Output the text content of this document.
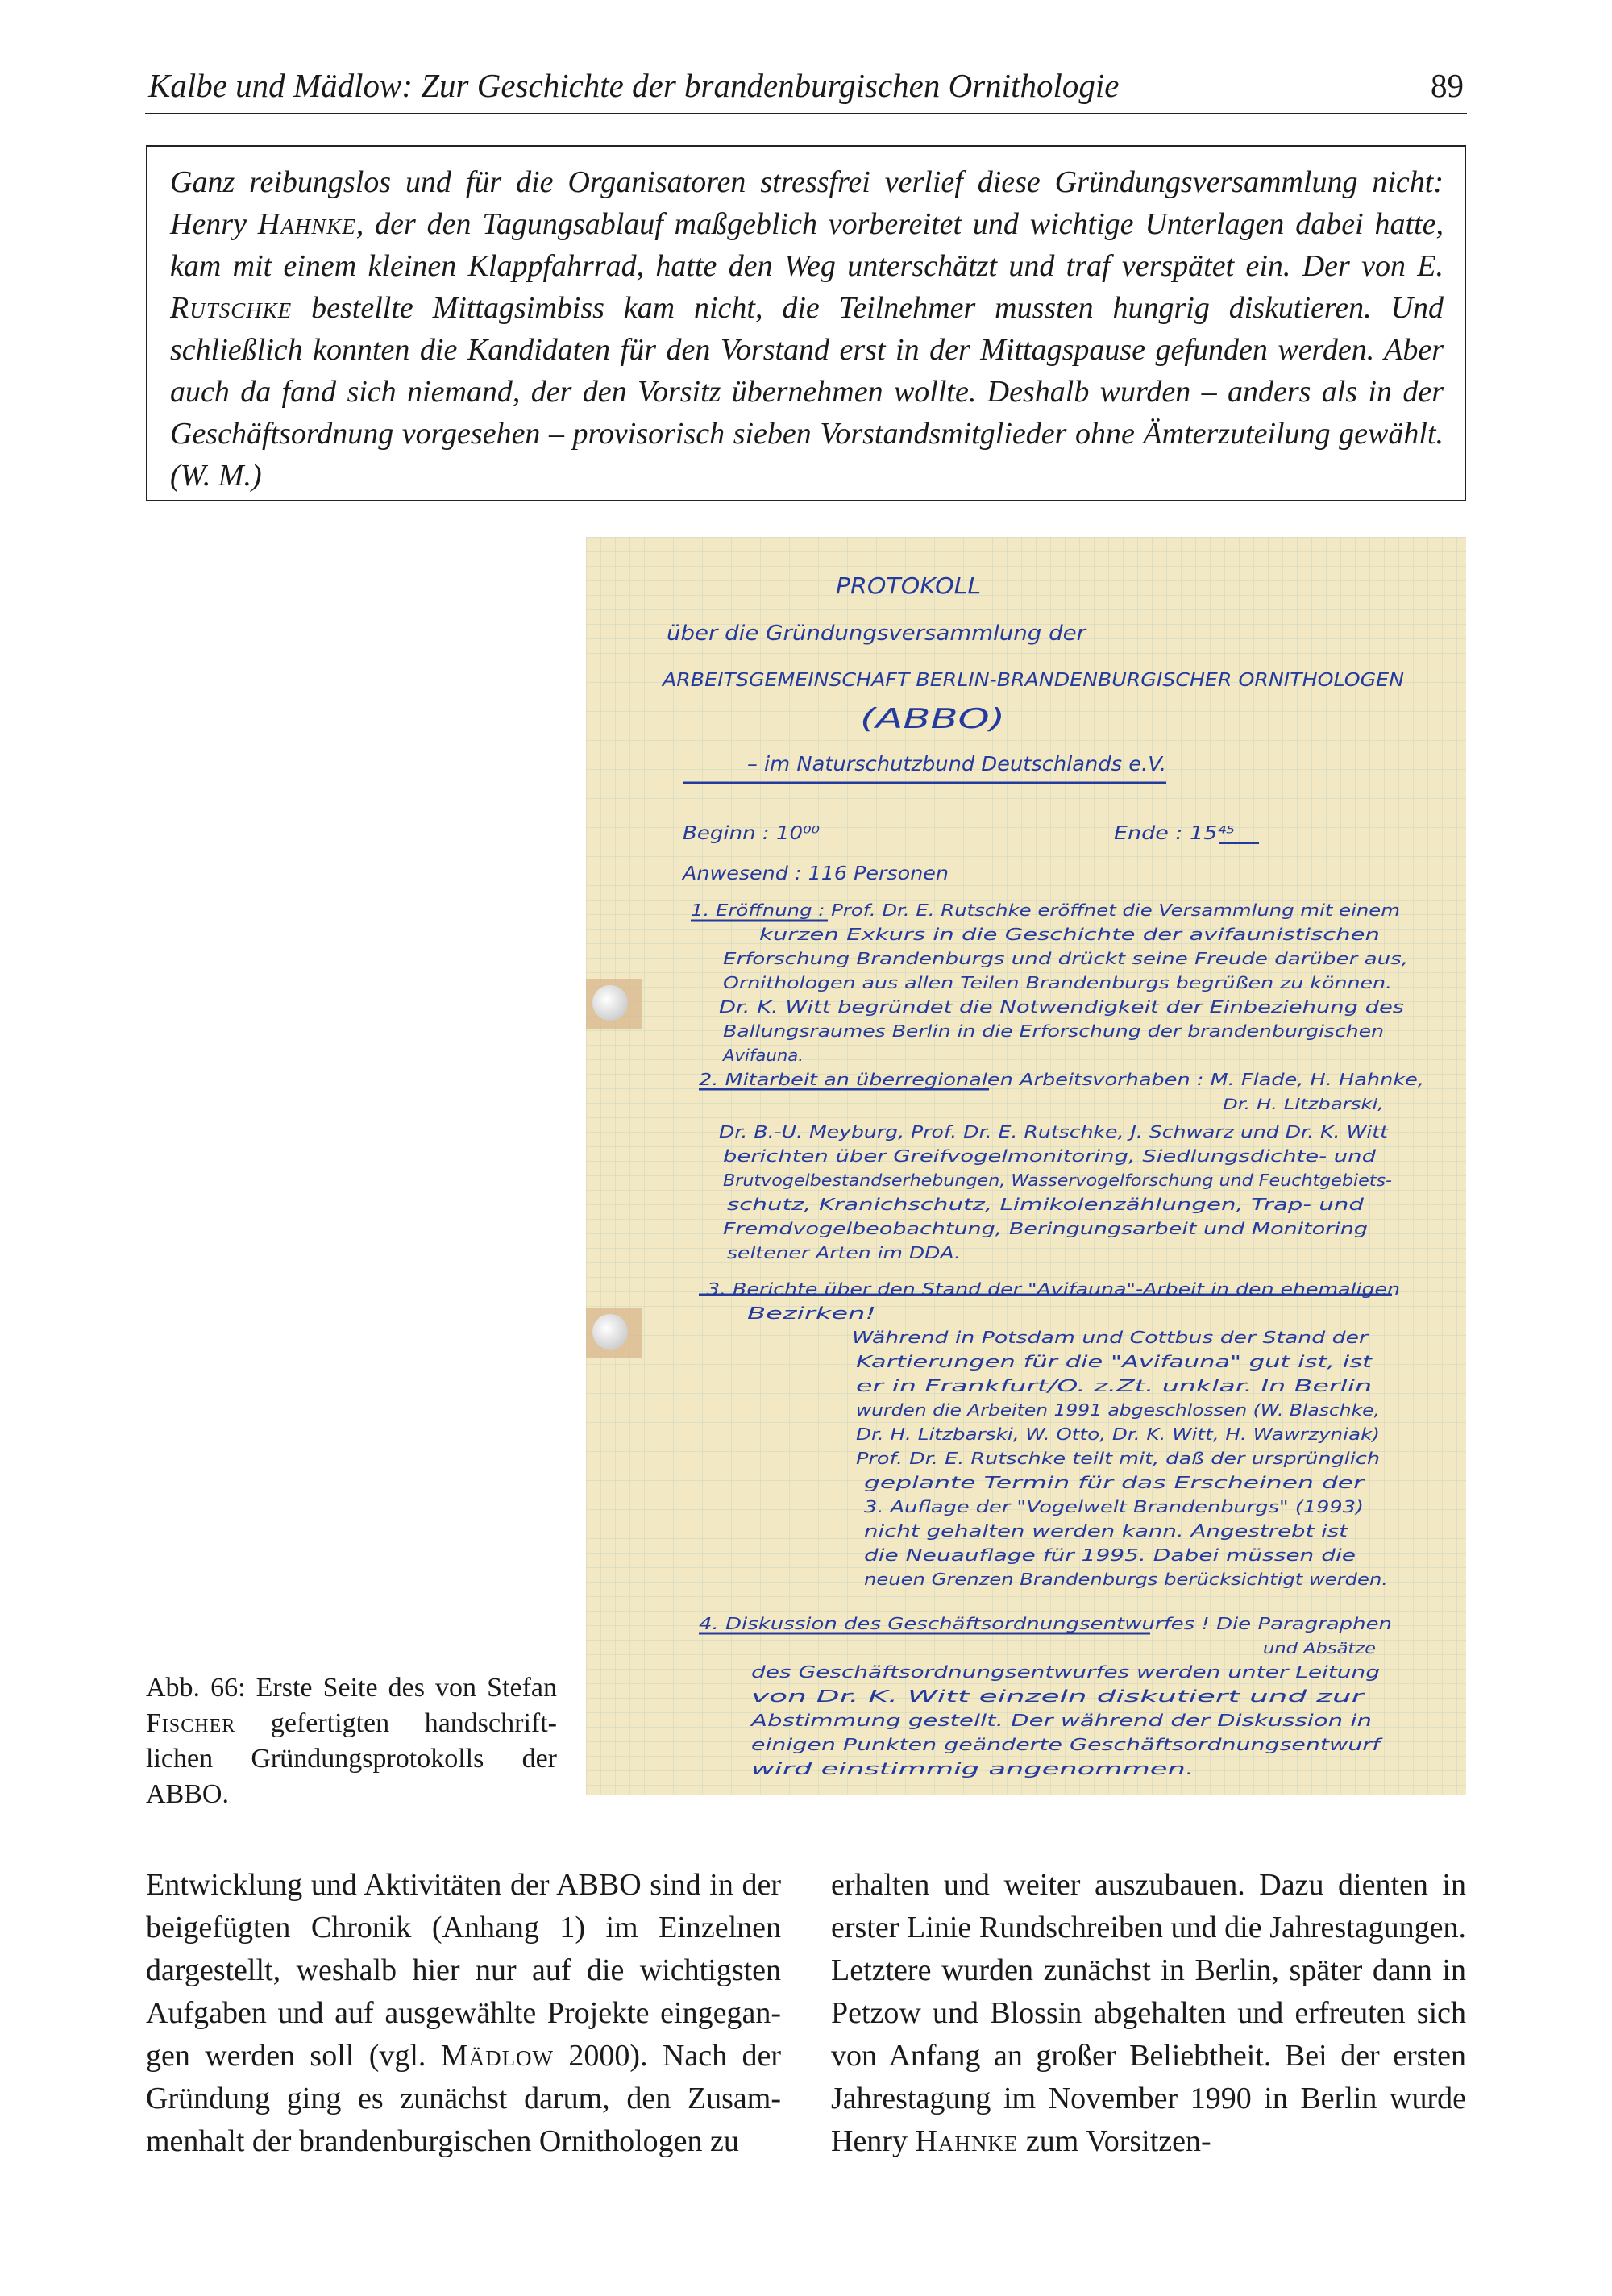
Kalbe und Mädlow: Zur Geschichte der brandenburgischen Ornithologie	89

Ganz reibungslos und für die Organisatoren stressfrei verlief diese Gründungsversammlung nicht: Henry Hahnke, der den Tagungsablauf maßgeblich vorbereitet und wichtige Unterlagen dabei hatte, kam mit einem kleinen Klappfahrrad, hatte den Weg unterschätzt und traf verspätet ein. Der von E. Rutschke bestellte Mittagsimbiss kam nicht, die Teilnehmer mussten hungrig diskutieren. Und schließlich konnten die Kandidaten für den Vorstand erst in der Mittagspause gefunden werden. Aber auch da fand sich niemand, der den Vorsitz übernehmen wollte. Deshalb wurden – anders als in der Geschäftsordnung vorgesehen – provisorisch sieben Vorstandsmitglieder ohne Ämterzuteilung gewählt. (W. M.)

PROTOKOLL
über die Gründungsversammlung der
ARBEITSGEMEINSCHAFT BERLIN-BRANDENBURGISCHER ORNITHOLOGEN
(ABBO)
– im Naturschutzbund Deutschlands e.V.
Beginn : 10⁰⁰	Ende : 15⁴⁵
Anwesend : 116 Personen
1. Eröffnung : Prof. Dr. E. Rutschke eröffnet die Versammlung mit einem
kurzen Exkurs in die Geschichte der avifaunistischen
Erforschung Brandenburgs und drückt seine Freude darüber aus,
Ornithologen aus allen Teilen Brandenburgs begrüßen zu können.
Dr. K. Witt begründet die Notwendigkeit der Einbeziehung des
Ballungsraumes Berlin in die Erforschung der brandenburgischen
Avifauna.
2. Mitarbeit an überregionalen Arbeitsvorhaben : M. Flade, H. Hahnke,
Dr. H. Litzbarski,
Dr. B.-U. Meyburg, Prof. Dr. E. Rutschke, J. Schwarz und Dr. K. Witt
berichten über Greifvogelmonitoring, Siedlungsdichte- und
Brutvogelbestandserhebungen, Wasservogelforschung und Feuchtgebiets-
schutz, Kranichschutz, Limikolenzählungen, Trap- und
Fremdvogelbeobachtung, Beringungsarbeit und Monitoring
seltener Arten im DDA.
3. Berichte über den Stand der "Avifauna"-Arbeit in den ehemaligen
Bezirken!
Während in Potsdam und Cottbus der Stand der
Kartierungen für die "Avifauna" gut ist, ist
er in Frankfurt/O. z.Zt. unklar. In Berlin
wurden die Arbeiten 1991 abgeschlossen (W. Blaschke,
Dr. H. Litzbarski, W. Otto, Dr. K. Witt, H. Wawrzyniak)
Prof. Dr. E. Rutschke teilt mit, daß der ursprünglich
geplante Termin für das Erscheinen der
3. Auflage der "Vogelwelt Brandenburgs" (1993)
nicht gehalten werden kann. Angestrebt ist
die Neuauflage für 1995. Dabei müssen die
neuen Grenzen Brandenburgs berücksichtigt werden.
4. Diskussion des Geschäftsordnungsentwurfes ! Die Paragraphen
und Absätze
des Geschäftsordnungsentwurfes werden unter Leitung
von Dr. K. Witt einzeln diskutiert und zur
Abstimmung gestellt. Der während der Diskussion in
einigen Punkten geänderte Geschäftsordnungsentwurf
wird einstimmig angenommen.

Abb. 66: Erste Seite des von Stefan Fischer gefertigten handschriftlichen Gründungsprotokolls der ABBO.

Entwicklung und Aktivitäten der ABBO sind in der beigefügten Chronik (Anhang 1) im Einzelnen dargestellt, weshalb hier nur auf die wichtigsten Aufgaben und auf ausgewählte Projekte eingegangen werden soll (vgl. Mädlow 2000). Nach der Gründung ging es zunächst darum, den Zusammenhalt der brandenburgischen Ornithologen zu

erhalten und weiter auszubauen. Dazu dienten in erster Linie Rundschreiben und die Jahrestagungen. Letztere wurden zunächst in Berlin, später dann in Petzow und Blossin abgehalten und erfreuten sich von Anfang an großer Beliebtheit. Bei der ersten Jahrestagung im November 1990 in Berlin wurde Henry Hahnke zum Vorsitzen-
